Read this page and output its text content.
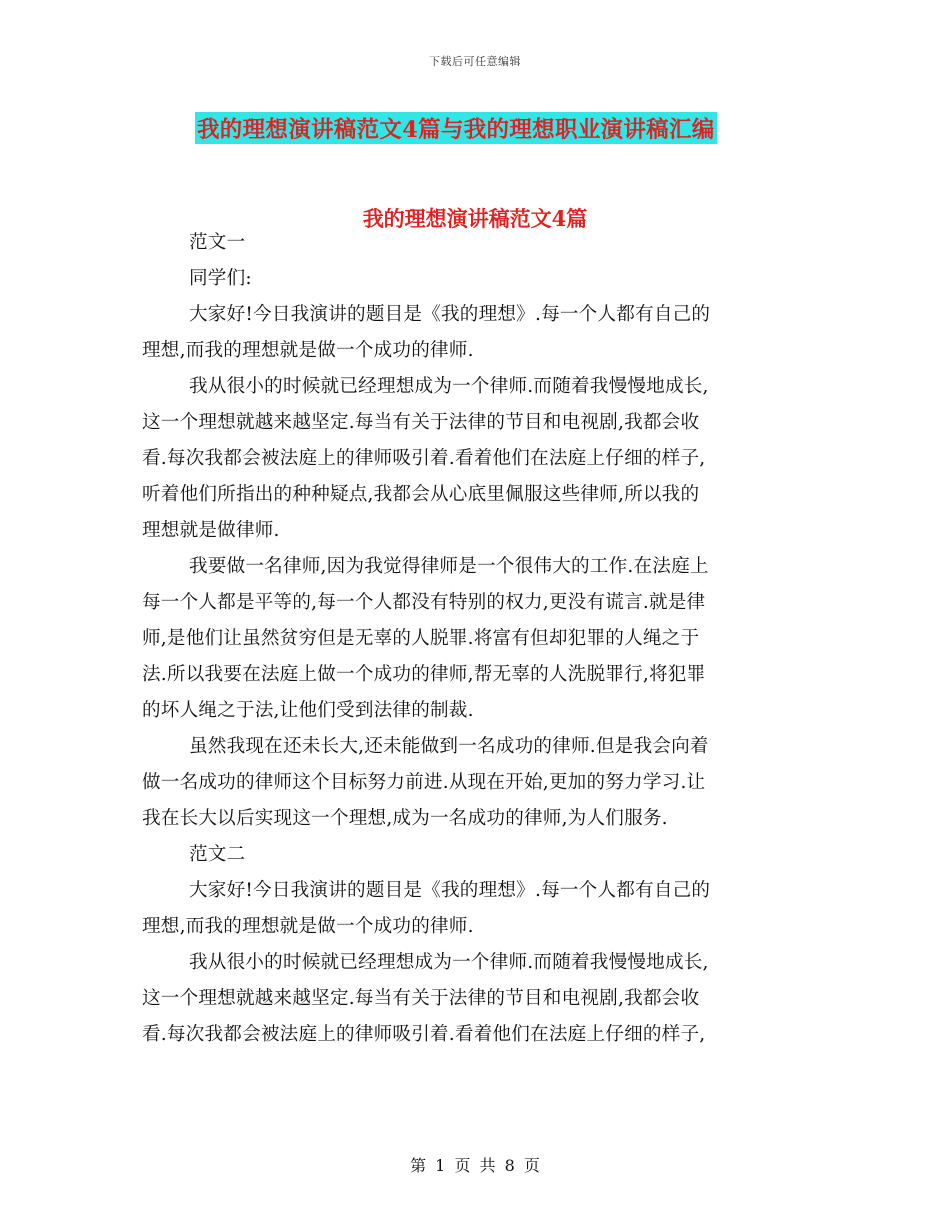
下载后可任意编辑
我的理想演讲稿范文4篇与我的理想职业演讲稿汇编
我的理想演讲稿范文4篇
范文一
同学们:
大家好!今日我演讲的题目是《我的理想》.每一个人都有自己的
理想,而我的理想就是做一个成功的律师.
我从很小的时候就已经理想成为一个律师.而随着我慢慢地成长,
这一个理想就越来越坚定.每当有关于法律的节目和电视剧,我都会收
看.每次我都会被法庭上的律师吸引着.看着他们在法庭上仔细的样子,
听着他们所指出的种种疑点,我都会从心底里佩服这些律师,所以我的
理想就是做律师.
我要做一名律师,因为我觉得律师是一个很伟大的工作.在法庭上
每一个人都是平等的,每一个人都没有特别的权力,更没有谎言.就是律
师,是他们让虽然贫穷但是无辜的人脱罪.将富有但却犯罪的人绳之于
法.所以我要在法庭上做一个成功的律师,帮无辜的人洗脱罪行,将犯罪
的坏人绳之于法,让他们受到法律的制裁.
虽然我现在还未长大,还未能做到一名成功的律师.但是我会向着
做一名成功的律师这个目标努力前进.从现在开始,更加的努力学习.让
我在长大以后实现这一个理想,成为一名成功的律师,为人们服务.
范文二
大家好!今日我演讲的题目是《我的理想》.每一个人都有自己的
理想,而我的理想就是做一个成功的律师.
我从很小的时候就已经理想成为一个律师.而随着我慢慢地成长,
这一个理想就越来越坚定.每当有关于法律的节目和电视剧,我都会收
看.每次我都会被法庭上的律师吸引着.看着他们在法庭上仔细的样子,
第 1 页 共 8 页
